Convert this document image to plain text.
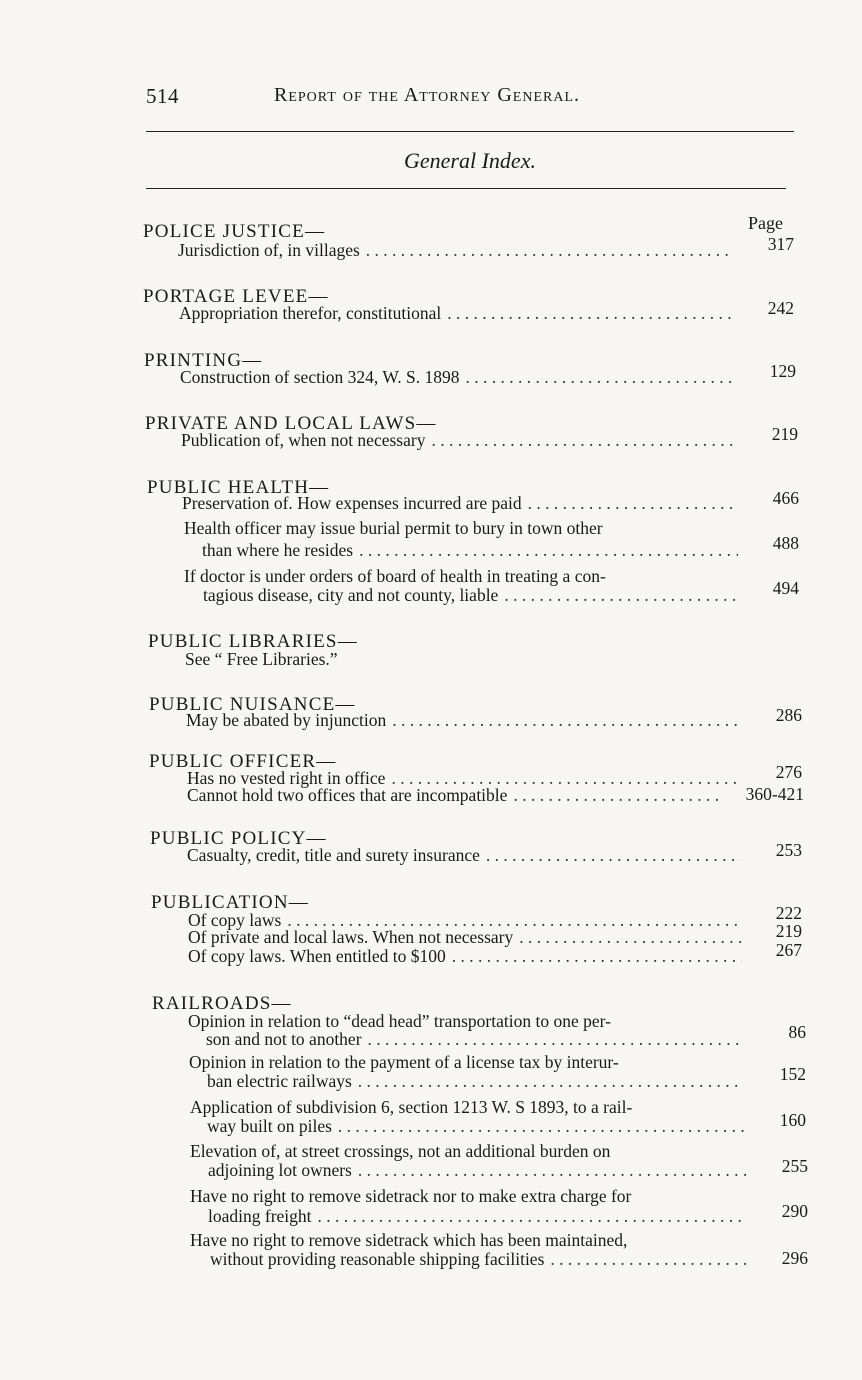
514	Report of the Attorney General.
General Index.
Page
POLICE JUSTICE—
Jurisdiction of, in villages . . .	317
PORTAGE LEVEE—
Appropriation therefor, constitutional . . .	242
PRINTING—
Construction of section 324, W. S. 1898 . . .	129
PRIVATE AND LOCAL LAWS—
Publication of, when not necessary . . .	219
PUBLIC HEALTH—
Preservation of. How expenses incurred are paid . . .	466
Health officer may issue burial permit to bury in town other
than where he resides . . .	488
If doctor is under orders of board of health in treating a con-
tagious disease, city and not county, liable . . .	494
PUBLIC LIBRARIES—
See “ Free Libraries.”
PUBLIC NUISANCE—
May be abated by injunction . . .	286
PUBLIC OFFICER—
Has no vested right in office . . .	276
Cannot hold two offices that are incompatible . . .	360-421
PUBLIC POLICY—
Casualty, credit, title and surety insurance . . .	253
PUBLICATION—
Of copy laws . . .	222
Of private and local laws. When not necessary . . .	219
Of copy laws. When entitled to $100 . . .	267
RAILROADS—
Opinion in relation to “dead head” transportation to one per-
son and not to another . . .	86
Opinion in relation to the payment of a license tax by interur-
ban electric railways . . .	152
Application of subdivision 6, section 1213 W. S 1893, to a rail-
way built on piles . . .	160
Elevation of, at street crossings, not an additional burden on
adjoining lot owners . . .	255
Have no right to remove sidetrack nor to make extra charge for
loading freight . . .	290
Have no right to remove sidetrack which has been maintained,
without providing reasonable shipping facilities . . .	296
